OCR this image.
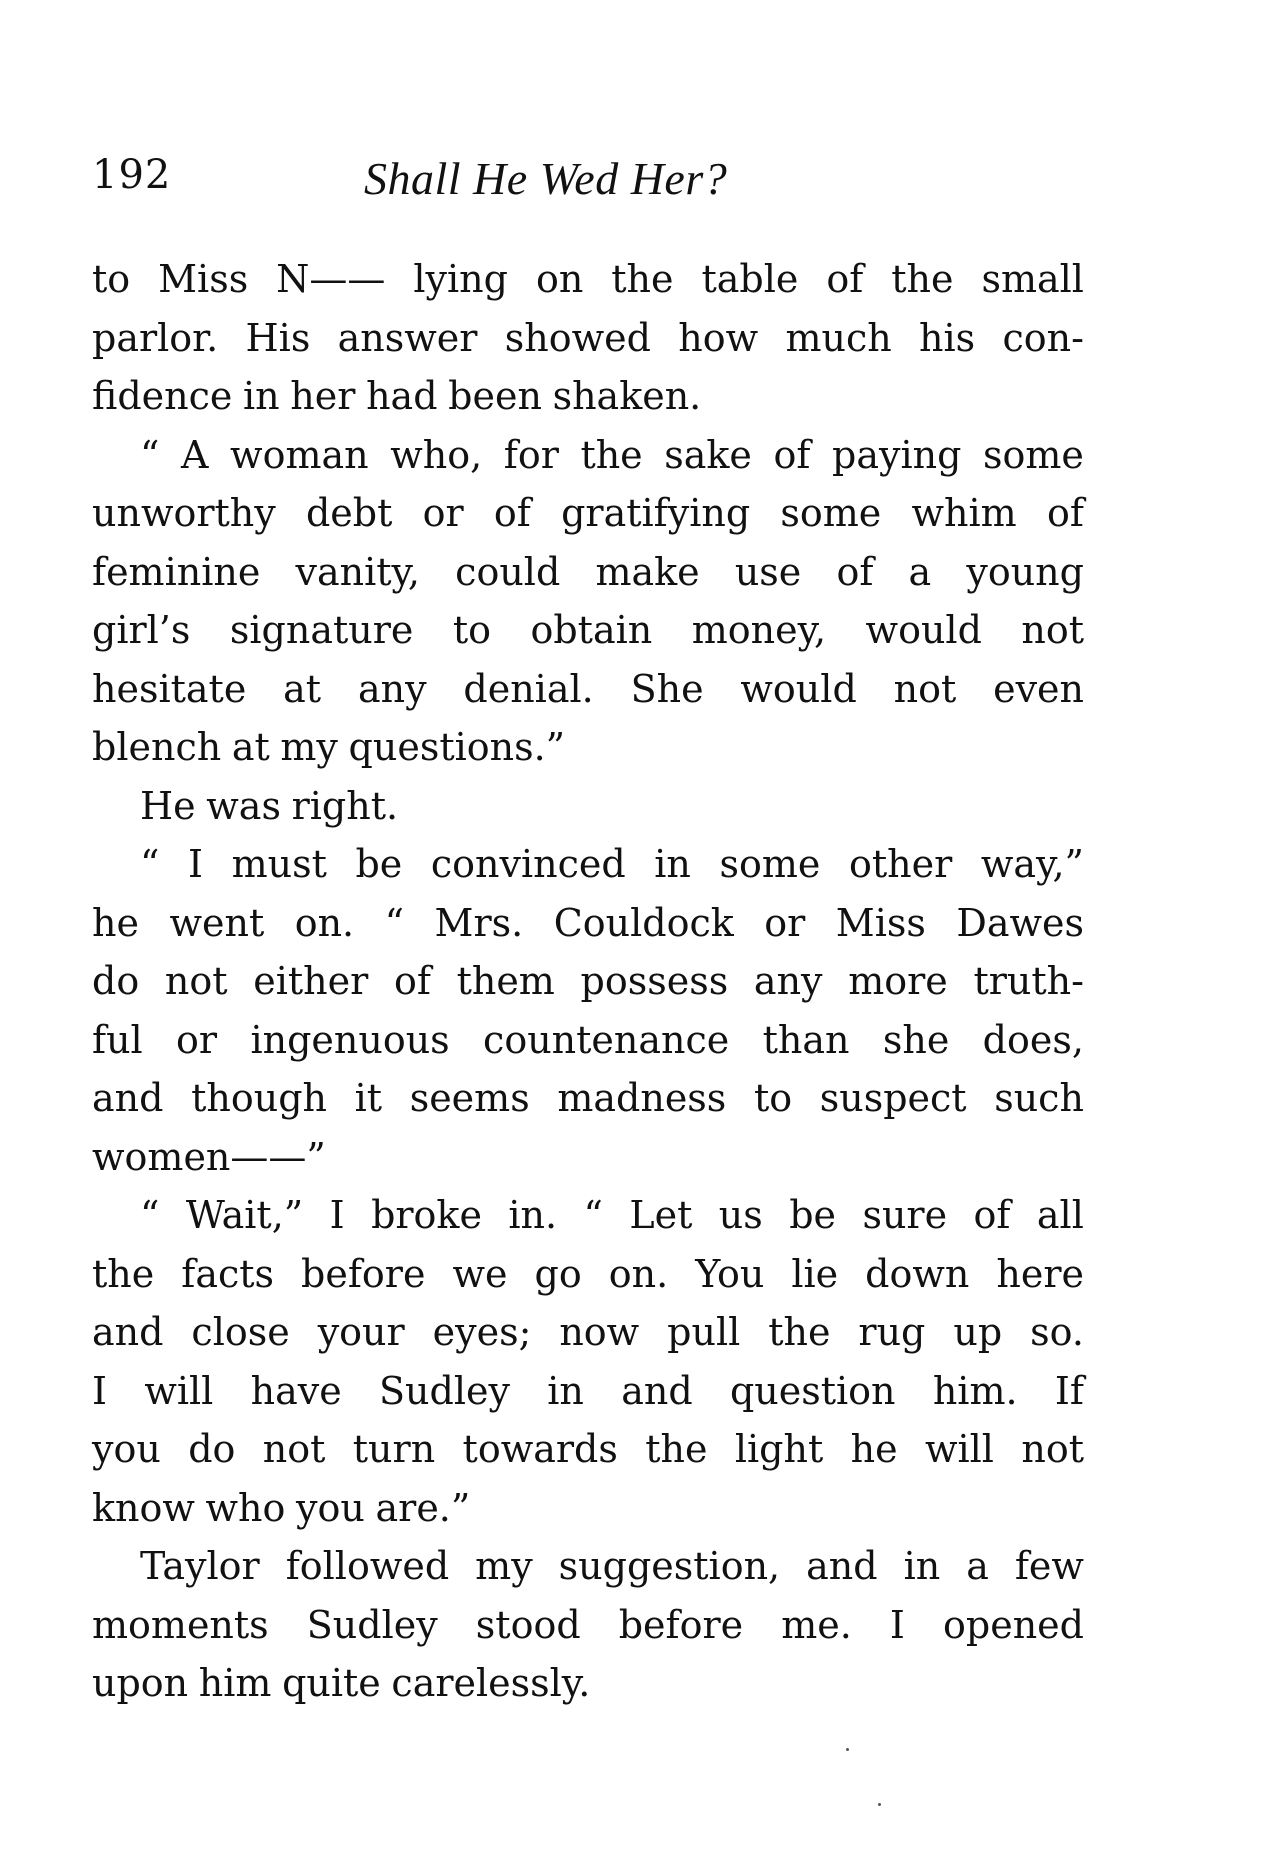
192	Shall He Wed Her?
to Miss N—— lying on the table of the small
parlor. His answer showed how much his con-
fidence in her had been shaken.
“ A woman who, for the sake of paying some
unworthy debt or of gratifying some whim of
feminine vanity, could make use of a young
girl’s signature to obtain money, would not
hesitate at any denial. She would not even
blench at my questions.”
He was right.
“ I must be convinced in some other way,”
he went on. “ Mrs. Couldock or Miss Dawes
do not either of them possess any more truth-
ful or ingenuous countenance than she does,
and though it seems madness to suspect such
women——”
“ Wait,” I broke in. “ Let us be sure of all
the facts before we go on. You lie down here
and close your eyes; now pull the rug up so.
I will have Sudley in and question him. If
you do not turn towards the light he will not
know who you are.”
Taylor followed my suggestion, and in a few
moments Sudley stood before me. I opened
upon him quite carelessly.
